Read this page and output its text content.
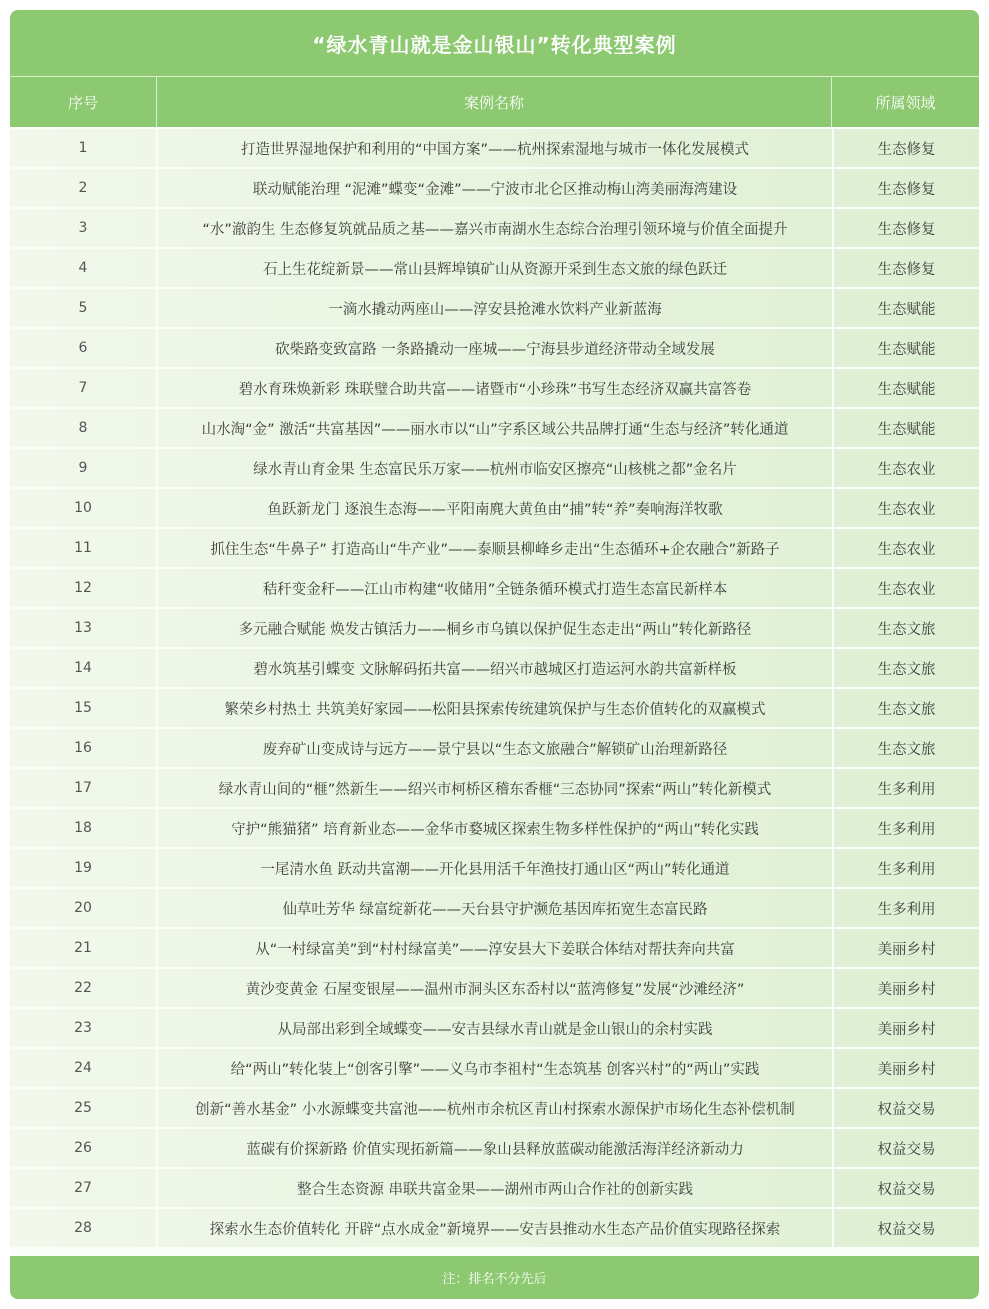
“绿水青山就是金山银山”转化典型案例
序号	案例名称	所属领域
1	打造世界湿地保护和利用的“中国方案”——杭州探索湿地与城市一体化发展模式	生态修复
2	联动赋能治理 “泥滩”蝶变“金滩”——宁波市北仑区推动梅山湾美丽海湾建设	生态修复
3	“水”澈韵生 生态修复筑就品质之基——嘉兴市南湖水生态综合治理引领环境与价值全面提升	生态修复
4	石上生花绽新景——常山县辉埠镇矿山从资源开采到生态文旅的绿色跃迁	生态修复
5	一滴水撬动两座山——淳安县抢滩水饮料产业新蓝海	生态赋能
6	砍柴路变致富路 一条路撬动一座城——宁海县步道经济带动全域发展	生态赋能
7	碧水育珠焕新彩 珠联璧合助共富——诸暨市“小珍珠”书写生态经济双赢共富答卷	生态赋能
8	山水淘“金” 激活“共富基因”——丽水市以“山”字系区域公共品牌打通“生态与经济”转化通道	生态赋能
9	绿水青山育金果 生态富民乐万家——杭州市临安区擦亮“山核桃之都”金名片	生态农业
10	鱼跃新龙门 逐浪生态海——平阳南麂大黄鱼由“捕”转“养”奏响海洋牧歌	生态农业
11	抓住生态“牛鼻子” 打造高山“牛产业”——泰顺县柳峰乡走出“生态循环+企农融合”新路子	生态农业
12	秸秆变金秆——江山市构建“收储用”全链条循环模式打造生态富民新样本	生态农业
13	多元融合赋能 焕发古镇活力——桐乡市乌镇以保护促生态走出“两山”转化新路径	生态文旅
14	碧水筑基引蝶变 文脉解码拓共富——绍兴市越城区打造运河水韵共富新样板	生态文旅
15	繁荣乡村热土 共筑美好家园——松阳县探索传统建筑保护与生态价值转化的双赢模式	生态文旅
16	废弃矿山变成诗与远方——景宁县以“生态文旅融合”解锁矿山治理新路径	生态文旅
17	绿水青山间的“榧”然新生——绍兴市柯桥区稽东香榧“三态协同”探索“两山”转化新模式	生多利用
18	守护“熊猫猪” 培育新业态——金华市婺城区探索生物多样性保护的“两山”转化实践	生多利用
19	一尾清水鱼 跃动共富潮——开化县用活千年渔技打通山区“两山”转化通道	生多利用
20	仙草吐芳华 绿富绽新花——天台县守护濒危基因库拓宽生态富民路	生多利用
21	从“一村绿富美”到“村村绿富美”——淳安县大下姜联合体结对帮扶奔向共富	美丽乡村
22	黄沙变黄金 石屋变银屋——温州市洞头区东岙村以“蓝湾修复”发展“沙滩经济”	美丽乡村
23	从局部出彩到全域蝶变——安吉县绿水青山就是金山银山的余村实践	美丽乡村
24	给“两山”转化装上“创客引擎”——义乌市李祖村“生态筑基 创客兴村”的“两山”实践	美丽乡村
25	创新“善水基金” 小水源蝶变共富池——杭州市余杭区青山村探索水源保护市场化生态补偿机制	权益交易
26	蓝碳有价探新路 价值实现拓新篇——象山县释放蓝碳动能激活海洋经济新动力	权益交易
27	整合生态资源 串联共富金果——湖州市两山合作社的创新实践	权益交易
28	探索水生态价值转化 开辟“点水成金”新境界——安吉县推动水生态产品价值实现路径探索	权益交易
注：排名不分先后
